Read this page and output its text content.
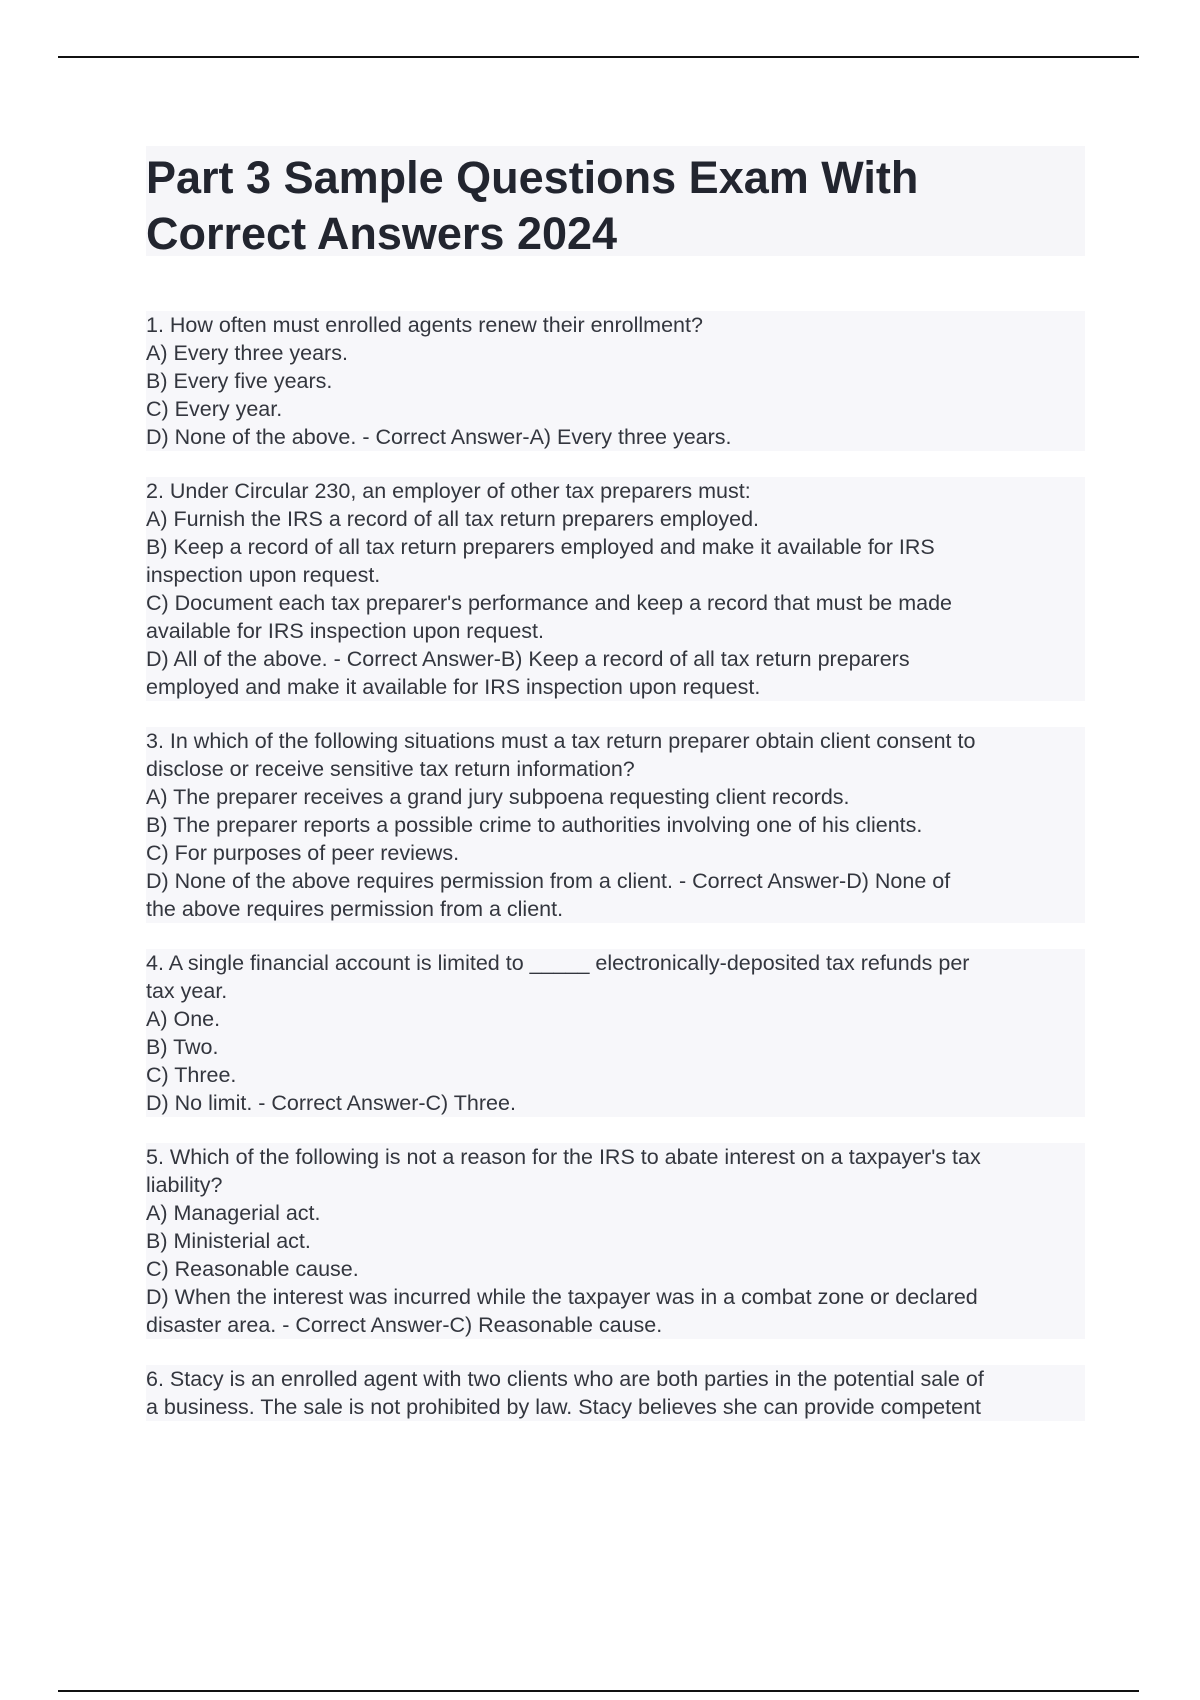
Part 3 Sample Questions Exam With
Correct Answers 2024
1. How often must enrolled agents renew their enrollment?
A) Every three years.
B) Every five years.
C) Every year.
D) None of the above. - Correct Answer-A) Every three years.
2. Under Circular 230, an employer of other tax preparers must:
A) Furnish the IRS a record of all tax return preparers employed.
B) Keep a record of all tax return preparers employed and make it available for IRS
inspection upon request.
C) Document each tax preparer's performance and keep a record that must be made
available for IRS inspection upon request.
D) All of the above. - Correct Answer-B) Keep a record of all tax return preparers
employed and make it available for IRS inspection upon request.
3. In which of the following situations must a tax return preparer obtain client consent to
disclose or receive sensitive tax return information?
A) The preparer receives a grand jury subpoena requesting client records.
B) The preparer reports a possible crime to authorities involving one of his clients.
C) For purposes of peer reviews.
D) None of the above requires permission from a client. - Correct Answer-D) None of
the above requires permission from a client.
4. A single financial account is limited to _____ electronically-deposited tax refunds per
tax year.
A) One.
B) Two.
C) Three.
D) No limit. - Correct Answer-C) Three.
5. Which of the following is not a reason for the IRS to abate interest on a taxpayer's tax
liability?
A) Managerial act.
B) Ministerial act.
C) Reasonable cause.
D) When the interest was incurred while the taxpayer was in a combat zone or declared
disaster area. - Correct Answer-C) Reasonable cause.
6. Stacy is an enrolled agent with two clients who are both parties in the potential sale of
a business. The sale is not prohibited by law. Stacy believes she can provide competent
